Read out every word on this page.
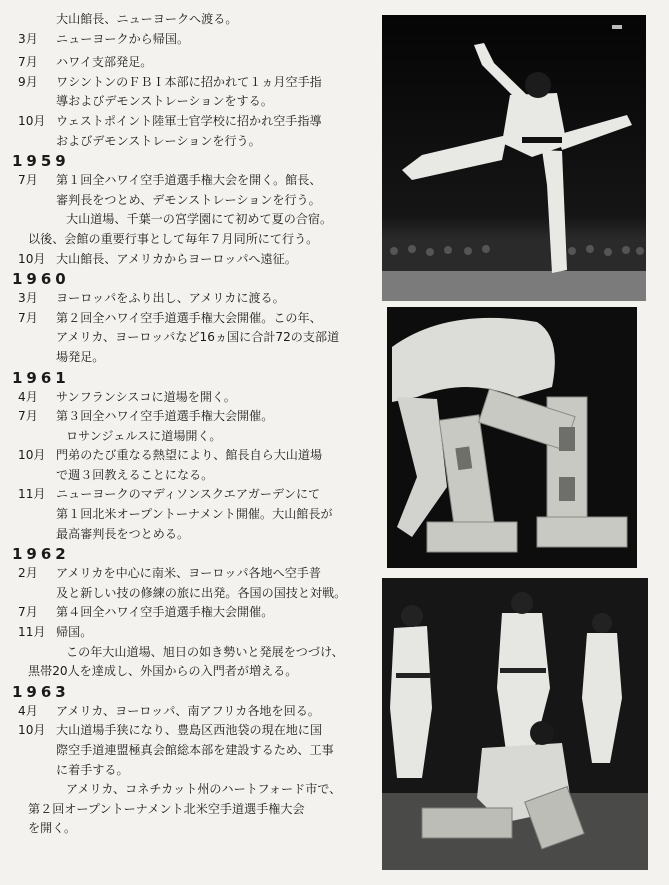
大山館長、ニューヨークへ渡る。

3月 ニューヨークから帰国。

7月 ハワイ支部発足。

9月 ワシントンのＦＢＩ本部に招かれて１ヵ月空手指

導およびデモンストレーションをする。

10月 ウェストポイント陸軍士官学校に招かれ空手指導

およびデモンストレーションを行う。

1959

7月 第１回全ハワイ空手道選手権大会を開く。館長、

審判長をつとめ、デモンストレーションを行う。

大山道場、千葉一の宮学園にて初めて夏の合宿。

以後、会館の重要行事として毎年７月同所にて行う。

10月 大山館長、アメリカからヨーロッパへ遠征。

1960

3月 ヨーロッパをふり出し、アメリカに渡る。

7月 第２回全ハワイ空手道選手権大会開催。この年、

アメリカ、ヨーロッパなど16ヵ国に合計72の支部道

場発足。

1961

4月 サンフランシスコに道場を開く。

7月 第３回全ハワイ空手道選手権大会開催。

ロサンジェルスに道場開く。

10月 門弟のたび重なる熱望により、館長自ら大山道場

で週３回教えることになる。

11月 ニューヨークのマディソンスクエアガーデンにて

第１回北米オープントーナメント開催。大山館長が

最高審判長をつとめる。

1962

2月 アメリカを中心に南米、ヨーロッパ各地へ空手普

及と新しい技の修練の旅に出発。各国の国技と対戦。

7月 第４回全ハワイ空手道選手権大会開催。

11月 帰国。

この年大山道場、旭日の如き勢いと発展をつづけ、

黒帯20人を達成し、外国からの入門者が増える。

1963

4月 アメリカ、ヨーロッパ、南アフリカ各地を回る。

10月 大山道場手狭になり、豊島区西池袋の現在地に国

際空手道連盟極真会館総本部を建設するため、工事

に着手する。

アメリカ、コネチカット州のハートフォード市で、

第２回オープントーナメント北米空手道選手権大会

を開く。
